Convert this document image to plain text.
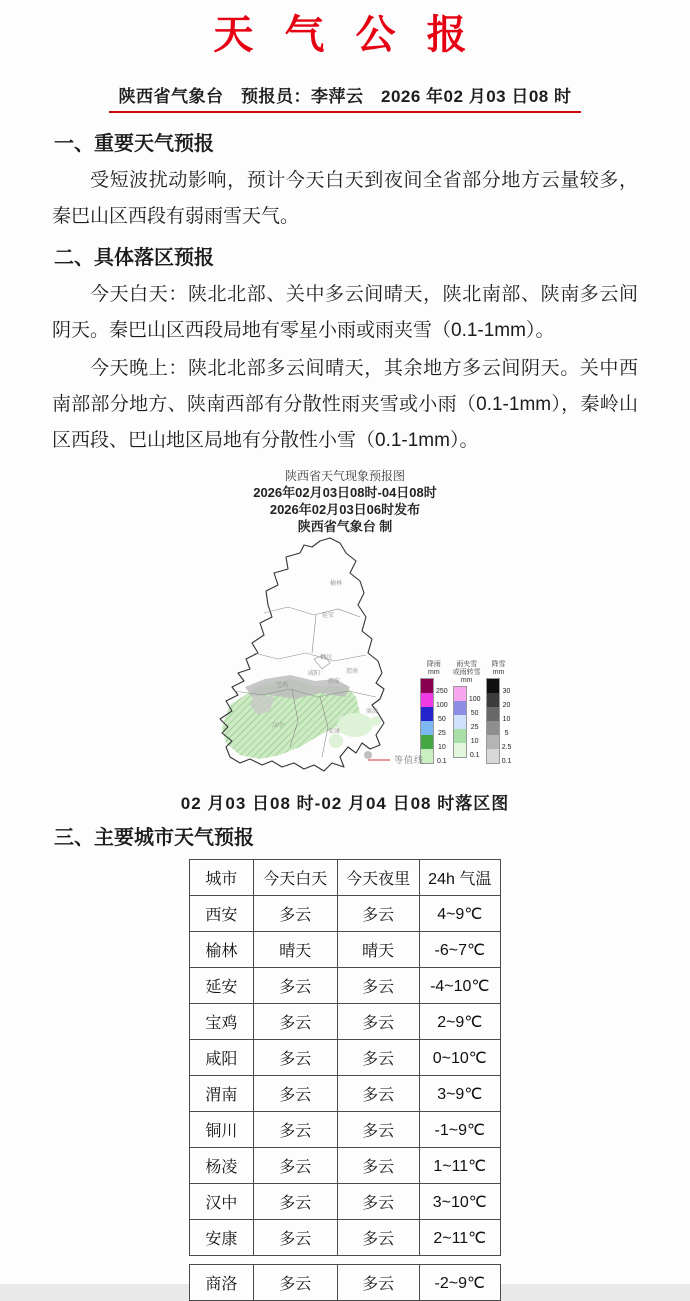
天 气 公 报
陕西省气象台　预报员：李萍云　2026 年02 月03 日08 时
一、重要天气预报

受短波扰动影响，预计今天白天到夜间全省部分地方云量较多，秦巴山区西段有弱雨雪天气。

二、具体落区预报

今天白天：陕北北部、关中多云间晴天，陕北南部、陕南多云间阴天。秦巴山区西段局地有零星小雨或雨夹雪（0.1-1mm）。

今天晚上：陕北北部多云间晴天，其余地方多云间阴天。关中西南部部分地方、陕南西部有分散性雨夹雪或小雨（0.1-1mm），秦岭山区西段、巴山地区局地有分散性小雪（0.1-1mm）。

陕西省天气现象预报图
2026年02月03日08时-04日08时
2026年02月03日06时发布
陕西省气象台 制
榆林
延安
铜川
咸阳	渭南
西安
宝鸡
汉中
安康
商洛
降雨
mm
250
100
50
25
10
0.1
雨夹雪
或雨转雪
mm
100
50
25
10
0.1
降雪
mm
30
20
10
5
2.5
0.1
等值线
02 月03 日08 时-02 月04 日08 时落区图
三、主要城市天气预报
城市	今天白天	今天夜里	24h 气温
西安	多云	多云	4~9℃
榆林	晴天	晴天	-6~7℃
延安	多云	多云	-4~10℃
宝鸡	多云	多云	2~9℃
咸阳	多云	多云	0~10℃
渭南	多云	多云	3~9℃
铜川	多云	多云	-1~9℃
杨凌	多云	多云	1~11℃
汉中	多云	多云	3~10℃
安康	多云	多云	2~11℃
商洛	多云	多云	-2~9℃
